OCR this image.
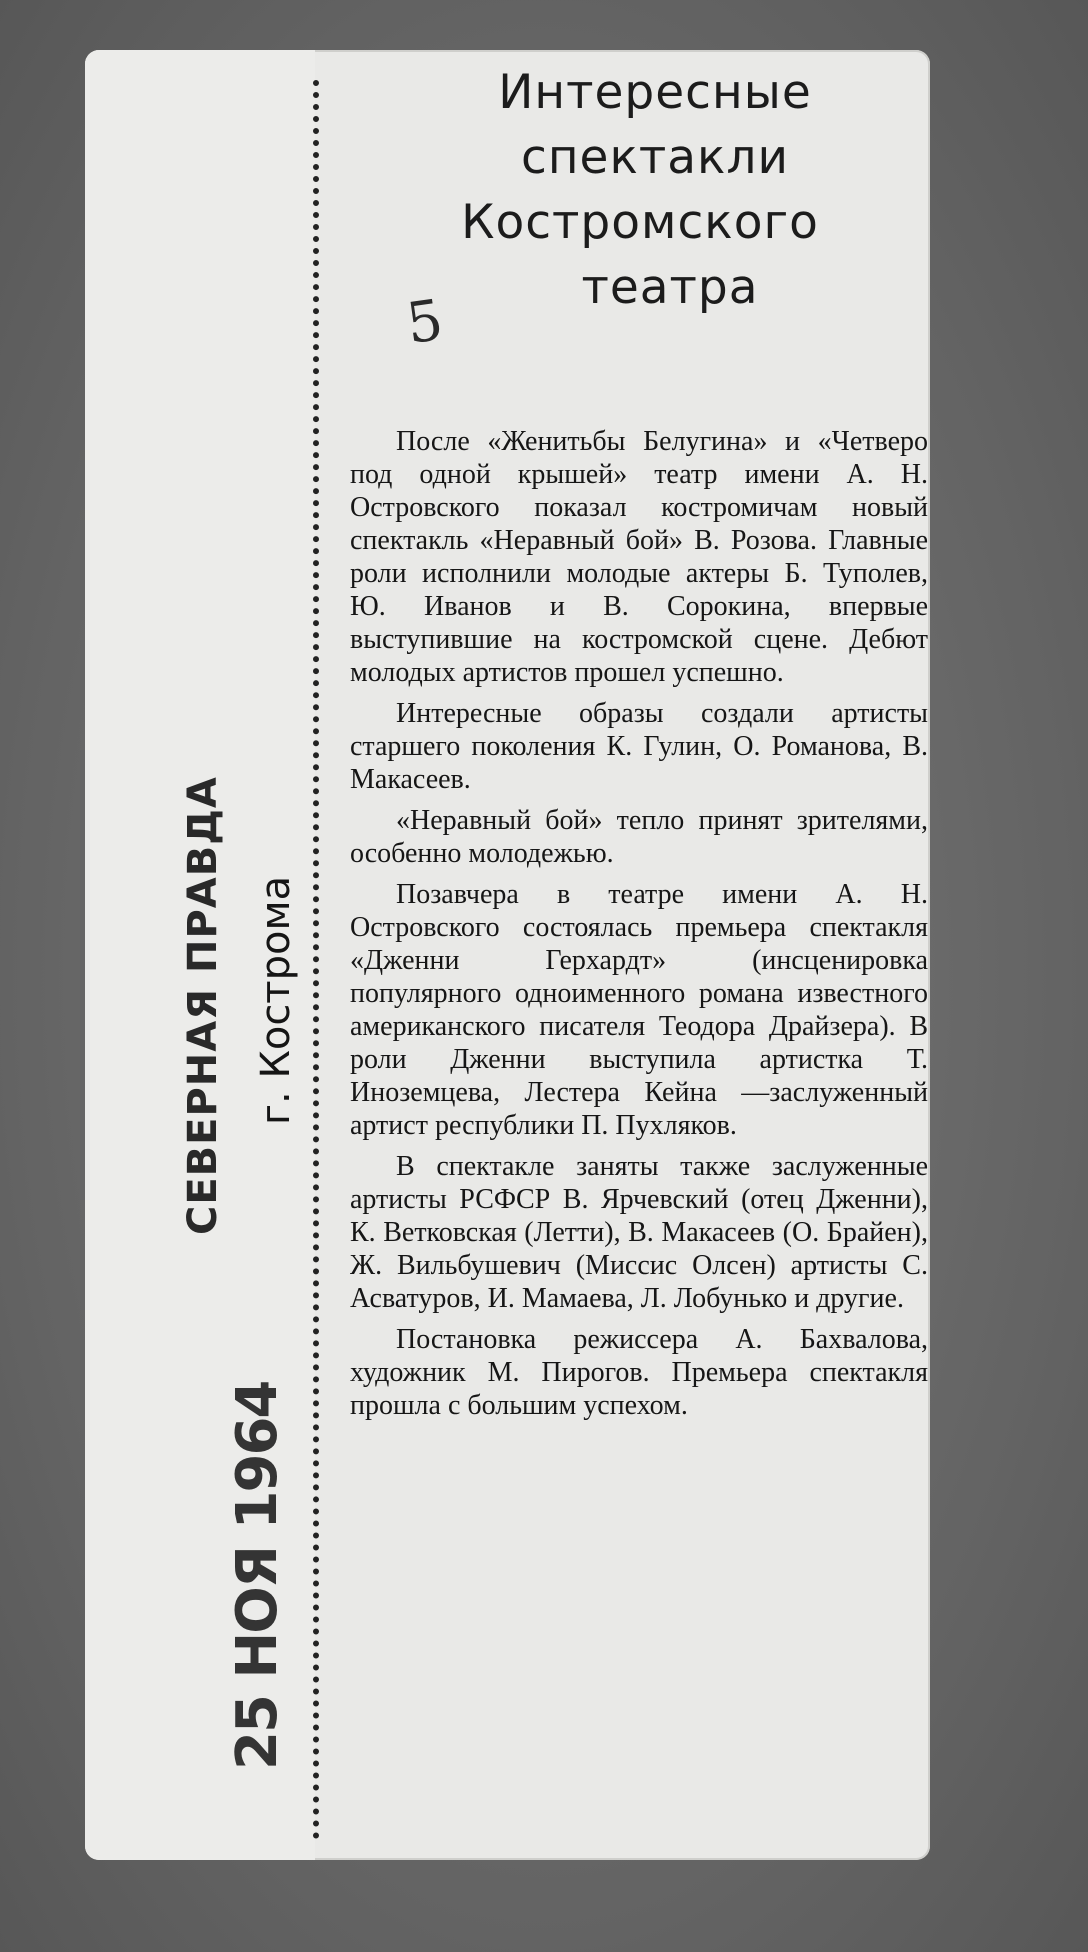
СЕВЕРНАЯ ПРАВДА г. Кострома
25 НОЯ 1964
Интересные
спектакли
Костромского
театра
5

После «Женитьбы Белугина» и «Четверо под одной крышей» театр имени А. Н. Островского показал костромичам новый спектакль «Неравный бой» В. Розова. Главные роли исполнили молодые актеры Б. Туполев, Ю. Иванов и В. Сорокина, впервые выступившие на костромской сцене. Дебют молодых артистов прошел успешно.

Интересные образы создали артисты старшего поколения К. Гулин, О. Романова, В. Макасеев.

«Неравный бой» тепло принят зрителями, особенно молодежью.

Позавчера в театре имени А. Н. Островского состоялась премьера спектакля «Дженни Герхардт» (инсценировка популярного одноименного романа известного американского писателя Теодора Драйзера). В роли Дженни выступила артистка Т. Иноземцева, Лестера Кейна —заслуженный артист республики П. Пухляков.

В спектакле заняты также заслуженные артисты РСФСР В. Ярчевский (отец Дженни), К. Ветковская (Летти), В. Макасеев (О. Брайен), Ж. Вильбушевич (Миссис Олсен) артисты С. Асватуров, И. Мамаева, Л. Лобунько и другие.

Постановка режиссера А. Бахвалова, художник М. Пирогов. Премьера спектакля прошла с большим успехом.
